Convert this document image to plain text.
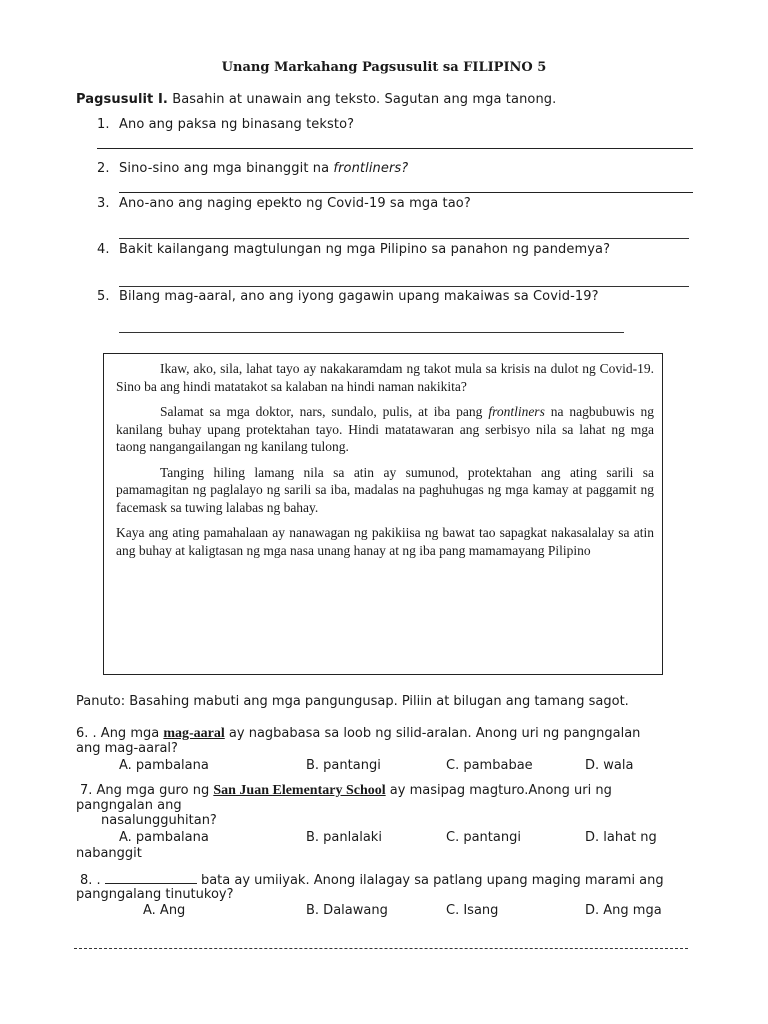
Unang Markahang Pagsusulit sa FILIPINO 5
Pagsusulit I. Basahin at unawain ang teksto. Sagutan ang mga tanong.
1. Ano ang paksa ng binasang teksto?
2. Sino-sino ang mga binanggit na frontliners?
3. Ano-ano ang naging epekto ng Covid-19 sa mga tao?
4. Bakit kailangang magtulungan ng mga Pilipino sa panahon ng pandemya?
5. Bilang mag-aaral, ano ang iyong gagawin upang makaiwas sa Covid-19?

Ikaw, ako, sila, lahat tayo ay nakakaramdam ng takot mula sa krisis na dulot ng Covid-19. Sino ba ang hindi matatakot sa kalaban na hindi naman nakikita?

Salamat sa mga doktor, nars, sundalo, pulis, at iba pang frontliners na nagbubuwis ng kanilang buhay upang protektahan tayo. Hindi matatawaran ang serbisyo nila sa lahat ng mga taong nangangailangan ng kanilang tulong.

Tanging hiling lamang nila sa atin ay sumunod, protektahan ang ating sarili sa pamamagitan ng paglalayo ng sarili sa iba, madalas na paghuhugas ng mga kamay at paggamit ng facemask sa tuwing lalabas ng bahay.

Kaya ang ating pamahalaan ay nanawagan ng pakikiisa ng bawat tao sapagkat nakasalalay sa atin ang buhay at kaligtasan ng mga nasa unang hanay at ng iba pang mamamayang Pilipino

Panuto: Basahing mabuti ang mga pangungusap. Piliin at bilugan ang tamang sagot.
6. . Ang mga mag-aaral ay nagbabasa sa loob ng silid-aralan. Anong uri ng pangngalan
ang mag-aaral?
A. pambalana	B. pantangi	C. pambabae	D. wala
7. Ang mga guro ng San Juan Elementary School ay masipag magturo.Anong uri ng
pangngalan ang
nasalungguhitan?
A. pambalana	B. panlalaki	C. pantangi	D. lahat ng
nabanggit
8. .	bata ay umiiyak. Anong ilalagay sa patlang upang maging marami ang
pangngalang tinutukoy?
A. Ang	B. Dalawang	C. Isang	D. Ang mga
